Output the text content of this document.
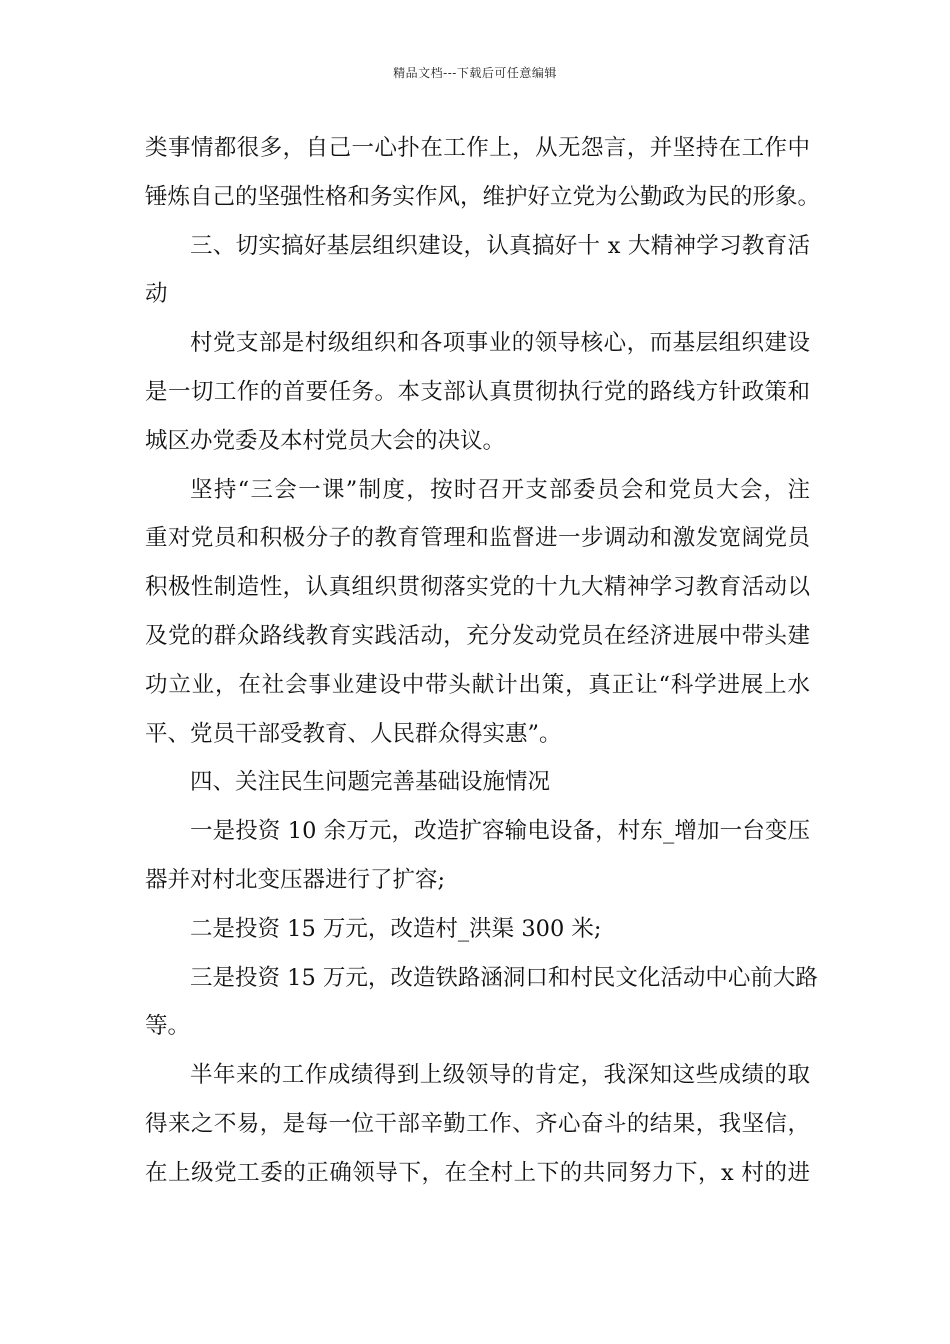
精品文档---下载后可任意编辑
类事情都很多，自己一心扑在工作上，从无怨言，并坚持在工作中
锤炼自己的坚强性格和务实作风，维护好立党为公勤政为民的形象。
三、切实搞好基层组织建设，认真搞好十 x 大精神学习教育活
动
村党支部是村级组织和各项事业的领导核心，而基层组织建设
是一切工作的首要任务。本支部认真贯彻执行党的路线方针政策和
城区办党委及本村党员大会的决议。
坚持“三会一课”制度，按时召开支部委员会和党员大会，注
重对党员和积极分子的教育管理和监督进一步调动和激发宽阔党员
积极性制造性，认真组织贯彻落实党的十九大精神学习教育活动以
及党的群众路线教育实践活动，充分发动党员在经济进展中带头建
功立业，在社会事业建设中带头献计出策，真正让“科学进展上水
平、党员干部受教育、人民群众得实惠”。
四、关注民生问题完善基础设施情况
一是投资 10 余万元，改造扩容输电设备，村东_增加一台变压
器并对村北变压器进行了扩容;
二是投资 15 万元，改造村_洪渠 300 米;
三是投资 15 万元，改造铁路涵洞口和村民文化活动中心前大路
等。
半年来的工作成绩得到上级领导的肯定，我深知这些成绩的取
得来之不易，是每一位干部辛勤工作、齐心奋斗的结果，我坚信，
在上级党工委的正确领导下，在全村上下的共同努力下，x 村的进
